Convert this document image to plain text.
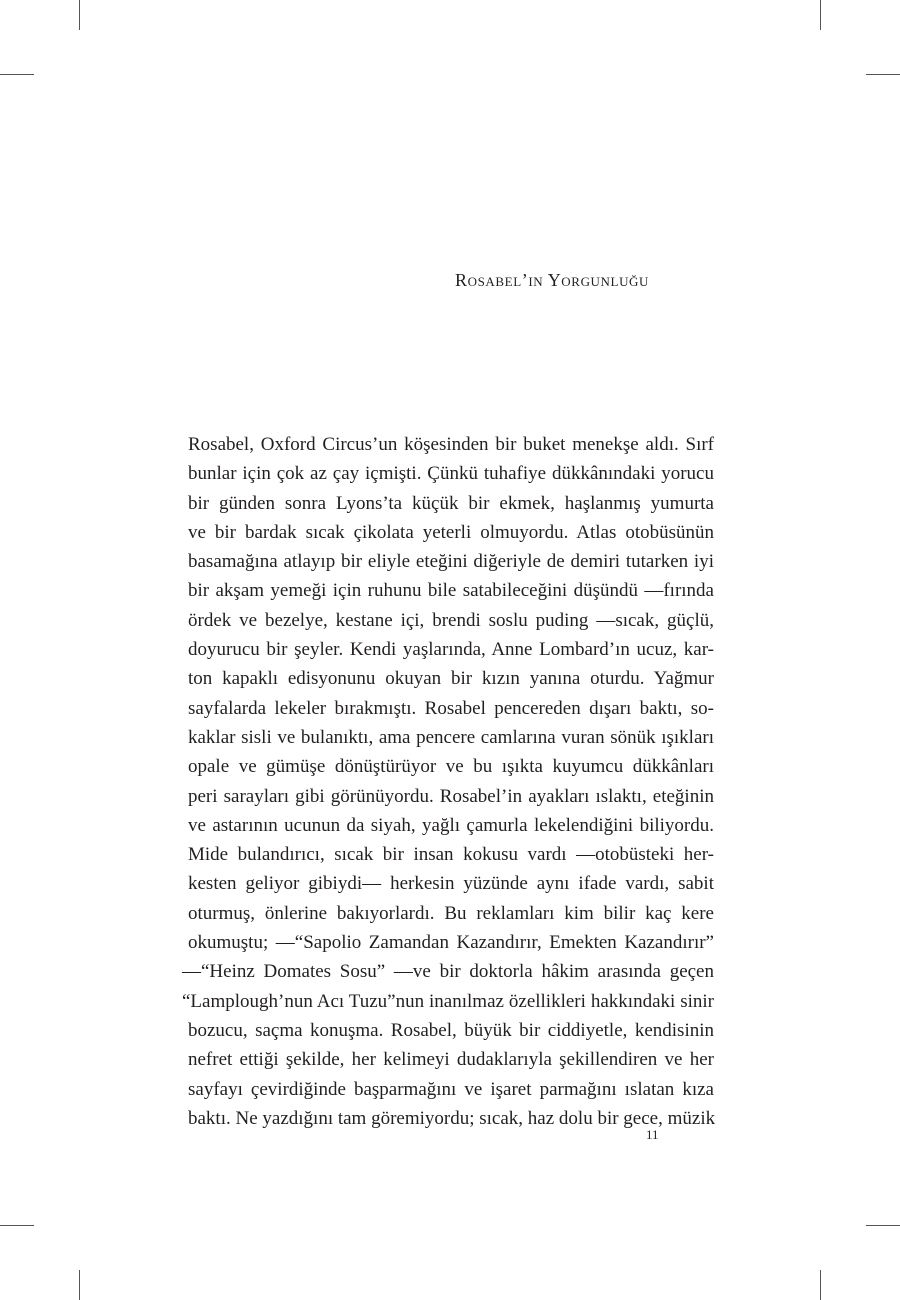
Rosabel’in Yorgunluğu
Rosabel, Oxford Circus’un köşesinden bir buket menekşe aldı. Sırf
bunlar için çok az çay içmişti. Çünkü tuhafiye dükkânındaki yorucu
bir günden sonra Lyons’ta küçük bir ekmek, haşlanmış yumurta
ve bir bardak sıcak çikolata yeterli olmuyordu. Atlas otobüsünün
basamağına atlayıp bir eliyle eteğini diğeriyle de demiri tutarken iyi
bir akşam yemeği için ruhunu bile satabileceğini düşündü —fırında
ördek ve bezelye, kestane içi, brendi soslu puding —sıcak, güçlü,
doyurucu bir şeyler. Kendi yaşlarında, Anne Lombard’ın ucuz, kar-
ton kapaklı edisyonunu okuyan bir kızın yanına oturdu. Yağmur
sayfalarda lekeler bırakmıştı. Rosabel pencereden dışarı baktı, so-
kaklar sisli ve bulanıktı, ama pencere camlarına vuran sönük ışıkları
opale ve gümüşe dönüştürüyor ve bu ışıkta kuyumcu dükkânları
peri sarayları gibi görünüyordu. Rosabel’in ayakları ıslaktı, eteğinin
ve astarının ucunun da siyah, yağlı çamurla lekelendiğini biliyordu.
Mide bulandırıcı, sıcak bir insan kokusu vardı —otobüsteki her-
kesten geliyor gibiydi— herkesin yüzünde aynı ifade vardı, sabit
oturmuş, önlerine bakıyorlardı. Bu reklamları kim bilir kaç kere
okumuştu; —“Sapolio Zamandan Kazandırır, Emekten Kazandırır”
—“Heinz Domates Sosu” —ve bir doktorla hâkim arasında geçen
“Lamplough’nun Acı Tuzu”nun inanılmaz özellikleri hakkındaki sinir
bozucu, saçma konuşma. Rosabel, büyük bir ciddiyetle, kendisinin
nefret ettiği şekilde, her kelimeyi dudaklarıyla şekillendiren ve her
sayfayı çevirdiğinde başparmağını ve işaret parmağını ıslatan kıza
baktı. Ne yazdığını tam göremiyordu; sıcak, haz dolu bir gece, müzik
11
